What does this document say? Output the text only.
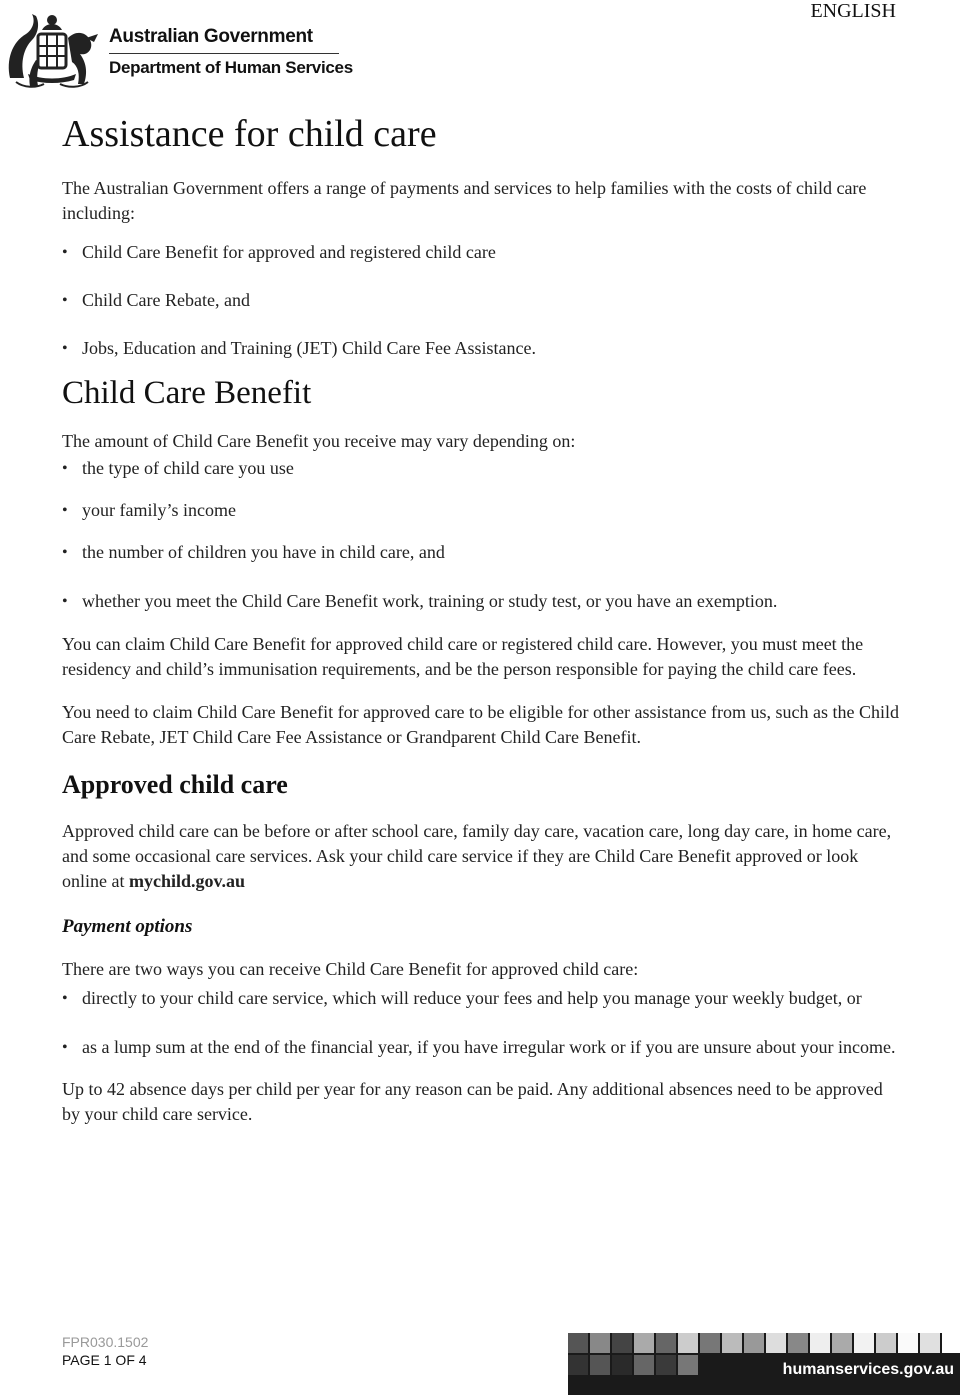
Australian Government
Department of Human Services
ENGLISH
Assistance for child care

The Australian Government offers a range of payments and services to help families with the costs of child care including:

• Child Care Benefit for approved and registered child care
• Child Care Rebate, and
• Jobs, Education and Training (JET) Child Care Fee Assistance.
Child Care Benefit

The amount of Child Care Benefit you receive may vary depending on:

• the type of child care you use
• your family’s income
• the number of children you have in child care, and
• whether you meet the Child Care Benefit work, training or study test, or you have an exemption.

You can claim Child Care Benefit for approved child care or registered child care. However, you must meet the residency and child’s immunisation requirements, and be the person responsible for paying the child care fees.

You need to claim Child Care Benefit for approved care to be eligible for other assistance from us, such as the Child Care Rebate, JET Child Care Fee Assistance or Grandparent Child Care Benefit.

Approved child care

Approved child care can be before or after school care, family day care, vacation care, long day care, in home care, and some occasional care services. Ask your child care service if they are Child Care Benefit approved or look online at mychild.gov.au

Payment options

There are two ways you can receive Child Care Benefit for approved child care:

• directly to your child care service, which will reduce your fees and help you manage your weekly budget, or
• as a lump sum at the end of the financial year, if you have irregular work or if you are unsure about your income.

Up to 42 absence days per child per year for any reason can be paid. Any additional absences need to be approved by your child care service.

FPR030.1502
PAGE 1 OF 4
humanservices.gov.au
